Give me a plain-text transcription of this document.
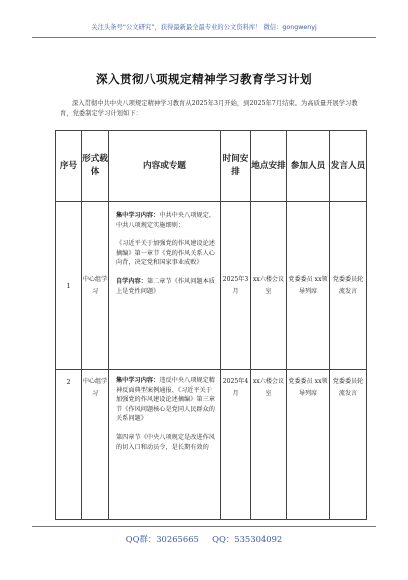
关注头条号“公文研究”，获得最新最全最专业的公文资料库！ 微信：gongwenyj
深入贯彻八项规定精神学习教育学习计划
深入贯彻中共中央八项规定精神学习教育从2025年3月开始，到2025年7月结束。为高质量开展学习教育，党委制定学习计划如下：
序号	形式载体	内容或专题	时间安排	地点安排	参加人员	发言人员
1	中心组学习	集中学习内容：中共中央八项规定、中共八项规定实施细则；
《习近平关于加强党的作风建设论述摘编》第一章节《党的作风关系人心向背，决定党和国家事业成败》
自学内容：第二章节《作风问题本质上是党性问题》	2025年3月	xx六楼会议室	党委委员 xx领导列席	党委委员轮流发言
2	中心组学习	集中学习内容：违反中央八项规定精神反面典型案例通报、《习近平关于加强党的作风建设论述摘编》第三章节《作风问题核心是党同人民群众的关系问题》
第四章节《中央八项规定是改进作风的切入口和动员令，是长期有效的	2025年4月	xx六楼会议室	党委委员 xx领导列席	党委委员轮流发言
QQ群：30265665 QQ：535304092
